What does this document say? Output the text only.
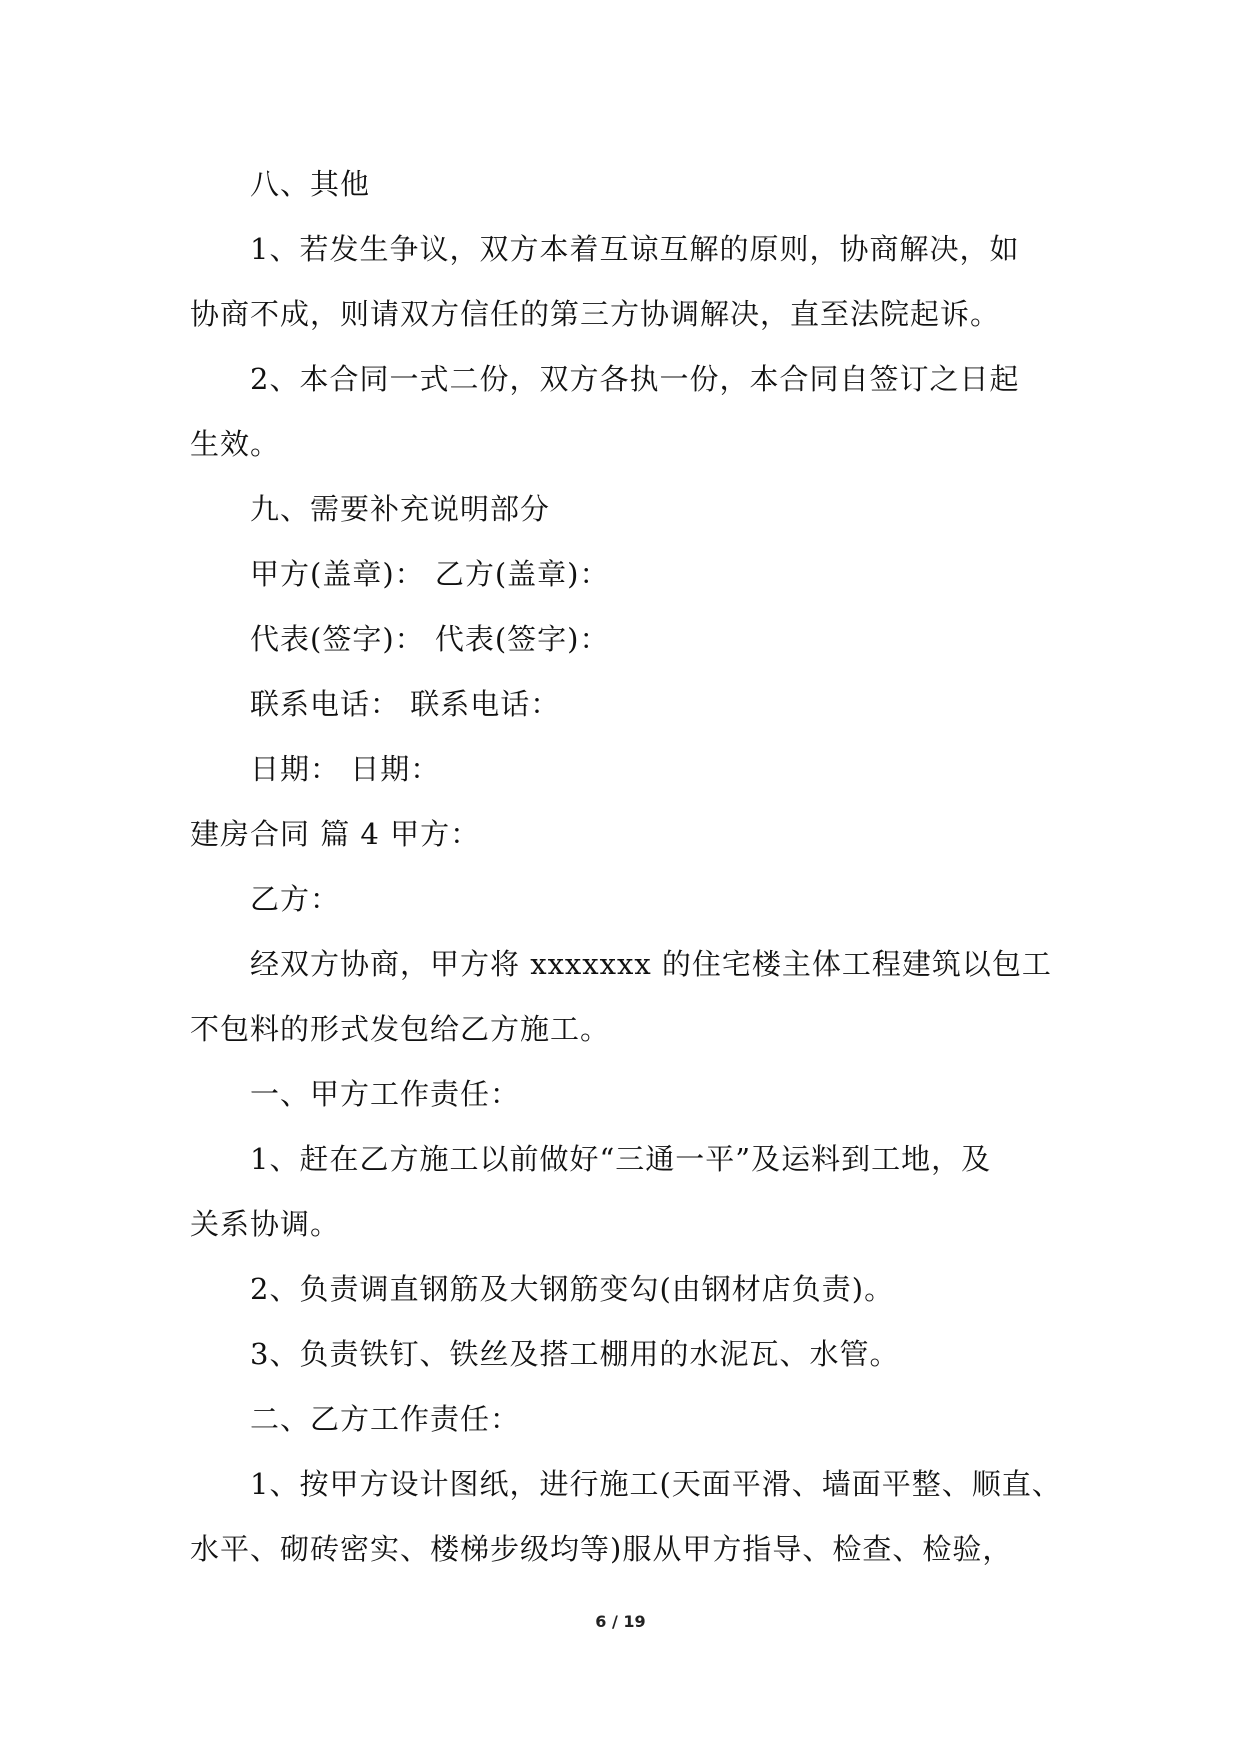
八、其他
1、若发生争议，双方本着互谅互解的原则，协商解决，如
协商不成，则请双方信任的第三方协调解决，直至法院起诉。
2、本合同一式二份，双方各执一份，本合同自签订之日起
生效。
九、需要补充说明部分
甲方(盖章)： 乙方(盖章)：
代表(签字)： 代表(签字)：
联系电话： 联系电话：
日期： 日期：
建房合同 篇 4 甲方：
乙方：
经双方协商，甲方将 xxxxxxx 的住宅楼主体工程建筑以包工
不包料的形式发包给乙方施工。
一、甲方工作责任：
1、赶在乙方施工以前做好“三通一平”及运料到工地，及
关系协调。
2、负责调直钢筋及大钢筋变勾(由钢材店负责)。
3、负责铁钉、铁丝及搭工棚用的水泥瓦、水管。
二、乙方工作责任：
1、按甲方设计图纸，进行施工(天面平滑、墙面平整、顺直、
水平、砌砖密实、楼梯步级均等)服从甲方指导、检查、检验，
6 / 19
